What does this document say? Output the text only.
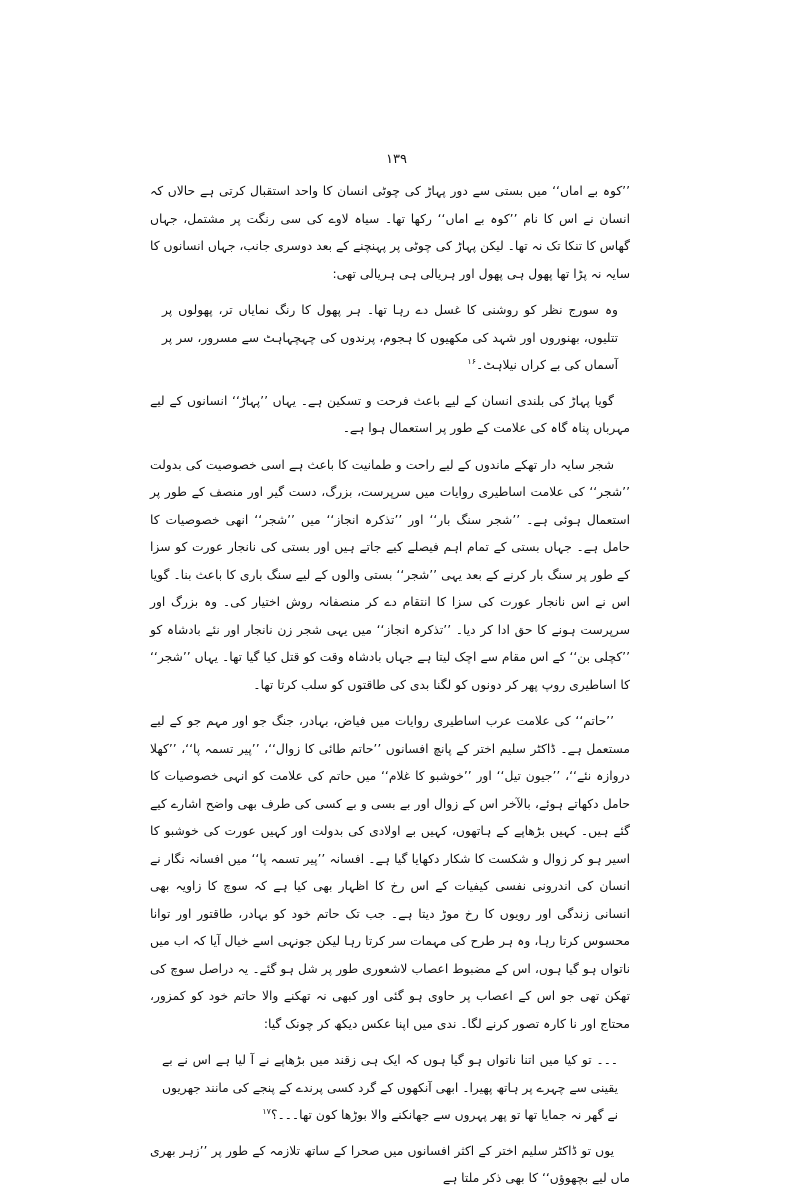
۱۳۹

’’کوہ بے اماں‘‘ میں بستی سے دور پہاڑ کی چوٹی انسان کا واحد استقبال کرتی ہے حالاں کہ انسان نے اس کا نام ’’کوہ بے اماں‘‘ رکھا تھا۔ سیاہ لاوے کی سی رنگت پر مشتمل، جہاں گھاس کا تنکا تک نہ تھا۔ لیکن پہاڑ کی چوٹی پر پہنچنے کے بعد دوسری جانب، جہاں انسانوں کا سایہ نہ پڑا تھا پھول ہی پھول اور ہریالی ہی ہریالی تھی:

وہ سورج نظر کو روشنی کا غسل دے رہا تھا۔ ہر پھول کا رنگ نمایاں تر، پھولوں پر تتلیوں، بھنوروں اور شہد کی مکھیوں کا ہجوم، پرندوں کی چہچہاہٹ سے مسرور، سر پر آسماں کی بے کراں نیلاہٹ۔$^{۱۶}$

گویا پہاڑ کی بلندی انسان کے لیے باعث فرحت و تسکین ہے۔ یہاں ’’پہاڑ‘‘ انسانوں کے لیے مہرباں پناہ گاہ کی علامت کے طور پر استعمال ہوا ہے۔

شجر سایہ دار تھکے ماندوں کے لیے راحت و طمانیت کا باعث ہے اسی خصوصیت کی بدولت ’’شجر‘‘ کی علامت اساطیری روایات میں سرپرست، بزرگ، دست گیر اور منصف کے طور پر استعمال ہوئی ہے۔ ’’شجر سنگ بار‘‘ اور ’’تذکرہ انجاز‘‘ میں ’’شجر‘‘ انھی خصوصیات کا حامل ہے۔ جہاں بستی کے تمام اہم فیصلے کیے جاتے ہیں اور بستی کی نانجار عورت کو سزا کے طور پر سنگ بار کرنے کے بعد یہی ’’شجر‘‘ بستی والوں کے لیے سنگ باری کا باعث بنا۔ گویا اس نے اس نانجار عورت کی سزا کا انتقام دے کر منصفانہ روش اختیار کی۔ وہ بزرگ اور سرپرست ہونے کا حق ادا کر دیا۔ ’’تذکرہ انجاز‘‘ میں یہی شجر زن نانجار اور نئے بادشاہ کو ’’کچلی بن‘‘ کے اس مقام سے اچک لیتا ہے جہاں بادشاہ وقت کو قتل کیا گیا تھا۔ یہاں ’’شجر‘‘ کا اساطیری روپ پھر کر دونوں کو لگنا بدی کی طاقتوں کو سلب کرتا تھا۔

’’حاتم‘‘ کی علامت عرب اساطیری روایات میں فیاض، بہادر، جنگ جو اور مہم جو کے لیے مستعمل ہے۔ ڈاکٹر سلیم اختر کے پانچ افسانوں ’’حاتم طائی کا زوال‘‘، ’’پیر تسمہ پا‘‘، ’’کھلا دروازہ نئے‘‘، ’’جیون تیل‘‘ اور ’’خوشبو کا غلام‘‘ میں حاتم کی علامت کو انہی خصوصیات کا حامل دکھاتے ہوئے، بالآخر اس کے زوال اور بے بسی و بے کسی کی طرف بھی واضح اشارے کیے گئے ہیں۔ کہیں بڑھاپے کے ہاتھوں، کہیں بے اولادی کی بدولت اور کہیں عورت کی خوشبو کا اسیر ہو کر زوال و شکست کا شکار دکھایا گیا ہے۔ افسانہ ’’پیر تسمہ پا‘‘ میں افسانہ نگار نے انسان کی اندرونی نفسی کیفیات کے اس رخ کا اظہار بھی کیا ہے کہ سوچ کا زاویہ بھی انسانی زندگی اور رویوں کا رخ موڑ دیتا ہے۔ جب تک حاتم خود کو بہادر، طاقتور اور توانا محسوس کرتا رہا، وہ ہر طرح کی مہمات سر کرتا رہا لیکن جونہی اسے خیال آیا کہ اب میں ناتواں ہو گیا ہوں، اس کے مضبوط اعصاب لاشعوری طور پر شل ہو گئے۔ یہ دراصل سوچ کی تھکن تھی جو اس کے اعصاب پر حاوی ہو گئی اور کبھی نہ تھکنے والا حاتم خود کو کمزور، محتاج اور نا کارہ تصور کرنے لگا۔ ندی میں اپنا عکس دیکھ کر چونک گیا:

۔۔۔ تو کیا میں اتنا ناتواں ہو گیا ہوں کہ ایک ہی زقند میں بڑھاپے نے آ لیا ہے اس نے بے یقینی سے چہرے پر ہاتھ پھیرا۔ ابھی آنکھوں کے گرد کسی پرندے کے پنجے کی مانند جھریوں نے گھر نہ جمایا تھا تو پھر پہروں سے جھانکنے والا بوڑھا کون تھا۔۔۔؟$^{۱۷}$

یوں تو ڈاکٹر سلیم اختر کے اکثر افسانوں میں صحرا کے ساتھ تلازمہ کے طور پر ’’زہر بھری ماں لیے بچھوؤں‘‘ کا بھی ذکر ملتا ہے
